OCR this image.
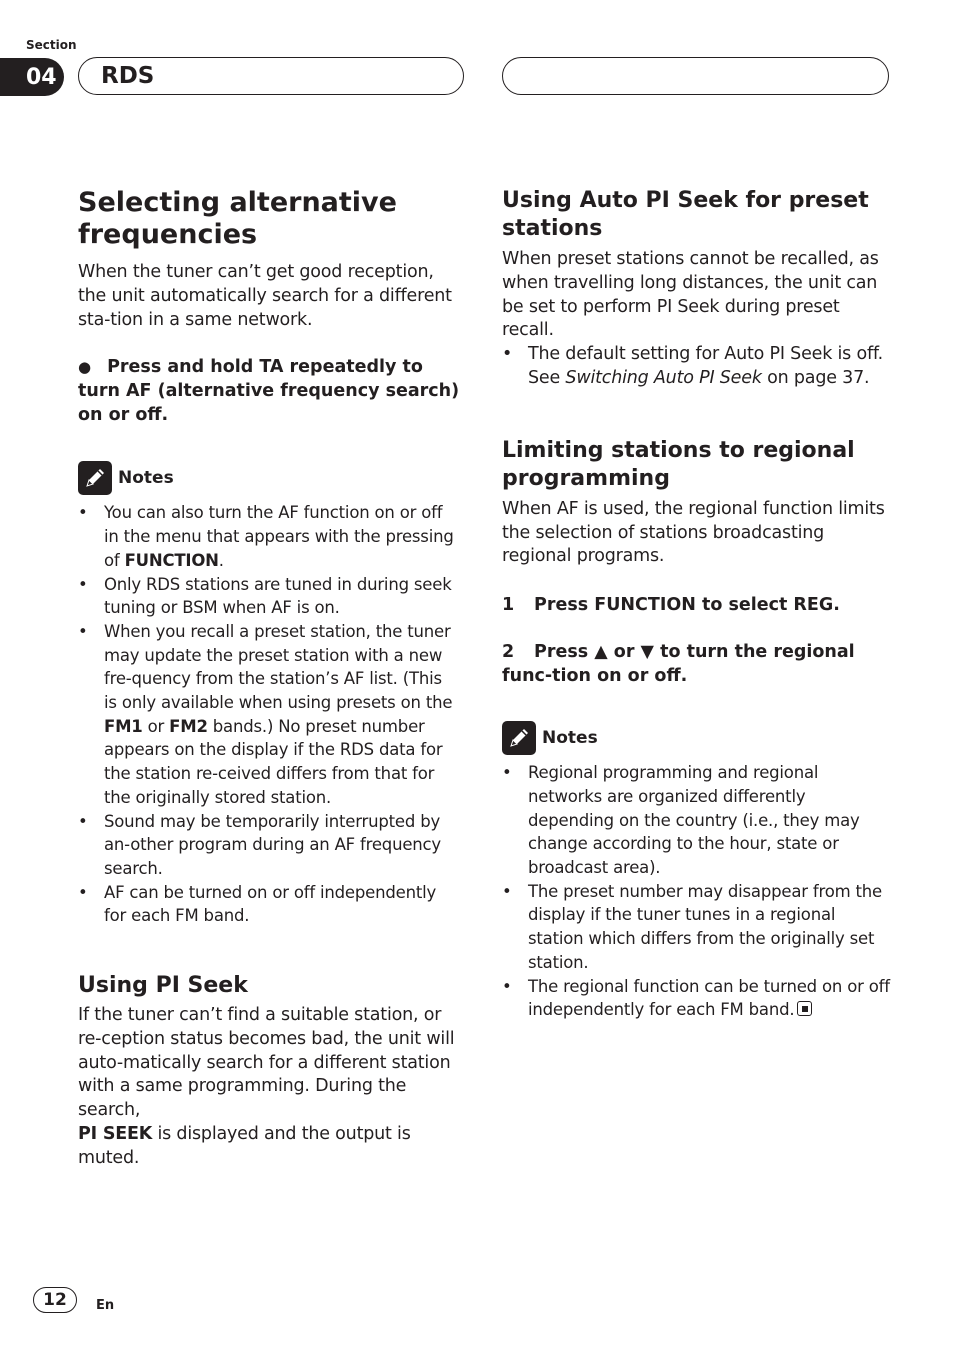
Section
04	RDS
Selecting alternative
frequencies

When the tuner can’t get good reception, the unit automatically search for a different sta-tion in a same network.

● Press and hold TA repeatedly to turn AF (alternative frequency search) on or off.
Notes
• You can also turn the AF function on or off in the menu that appears with the pressing of FUNCTION.
• Only RDS stations are tuned in during seek tuning or BSM when AF is on.
• When you recall a preset station, the tuner may update the preset station with a new fre-quency from the station’s AF list. (This is only available when using presets on the FM1 or FM2 bands.) No preset number appears on the display if the RDS data for the station re-ceived differs from that for the originally stored station.
• Sound may be temporarily interrupted by an-other program during an AF frequency search.
• AF can be turned on or off independently for each FM band.
Using PI Seek

If the tuner can’t find a suitable station, or re-ception status becomes bad, the unit will auto-matically search for a different station with a same programming. During the search,
PI SEEK is displayed and the output is muted.

Using Auto PI Seek for preset
stations

When preset stations cannot be recalled, as when travelling long distances, the unit can be set to perform PI Seek during preset recall.

• The default setting for Auto PI Seek is off. See Switching Auto PI Seek on page 37.
Limiting stations to regional
programming

When AF is used, the regional function limits the selection of stations broadcasting regional programs.

1 Press FUNCTION to select REG.
2 Press ▲ or ▼ to turn the regional func-tion on or off.
Notes
• Regional programming and regional networks are organized differently depending on the country (i.e., they may change according to the hour, state or broadcast area).
• The preset number may disappear from the display if the tuner tunes in a regional station which differs from the originally set station.
• The regional function can be turned on or off independently for each FM band.
12	En
